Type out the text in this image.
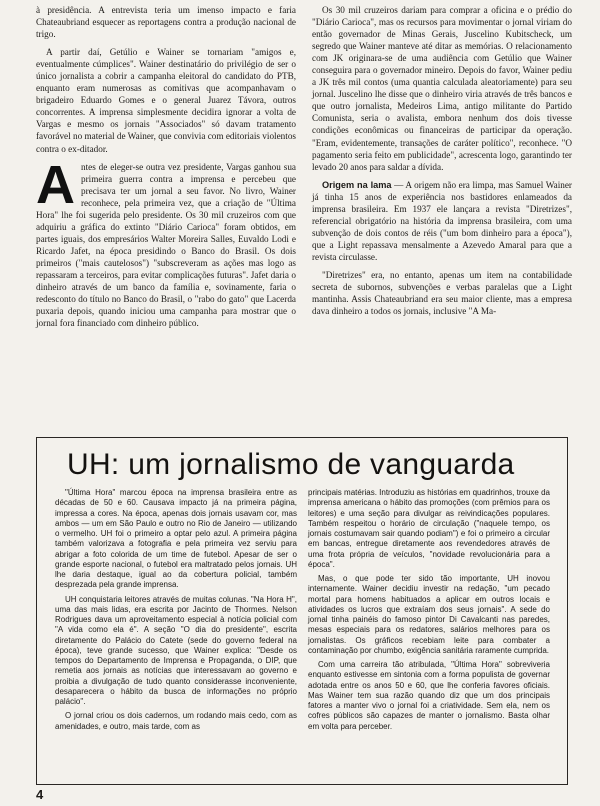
à presidência. A entrevista teria um imenso impacto e faria Chateaubriand esquecer as reportagens contra a produção nacional de trigo.

A partir daí, Getúlio e Wainer se tornariam "amigos e, eventualmente cúmplices". Wainer destinatário do privilégio de ser o único jornalista a cobrir a campanha eleitoral do candidato do PTB, enquanto eram numerosas as comitivas que acompanhavam o brigadeiro Eduardo Gomes e o general Juarez Távora, outros concorrentes. A imprensa simplesmente decidira ignorar a volta de Vargas e mesmo os jornais "Associados" só davam tratamento favorável no material de Wainer, que convivia com editoriais violentos contra o ex-ditador.

Antes de eleger-se outra vez presidente, Vargas ganhou sua primeira guerra contra a imprensa e percebeu que precisava ter um jornal a seu favor. No livro, Wainer reconhece, pela primeira vez, que a criação de "Última Hora" lhe foi sugerida pelo presidente. Os 30 mil cruzeiros com que adquiriu a gráfica do extinto "Diário Carioca" foram obtidos, em partes iguais, dos empresários Walter Moreira Salles, Euvaldo Lodi e Ricardo Jafet, na época presidindo o Banco do Brasil. Os dois primeiros ("mais cautelosos") "subscreveram as ações mas logo as repassaram a terceiros, para evitar complicações futuras". Jafet daria o dinheiro através de um banco da família e, sovinamente, faria o redesconto do título no Banco do Brasil, o "rabo do gato" que Lacerda puxaria depois, quando iniciou uma campanha para mostrar que o jornal fora financiado com dinheiro público.

Os 30 mil cruzeiros dariam para comprar a oficina e o prédio do "Diário Carioca", mas os recursos para movimentar o jornal viriam do então governador de Minas Gerais, Juscelino Kubitscheck, um segredo que Wainer manteve até ditar as memórias. O relacionamento com JK originara-se de uma audiência com Getúlio que Wainer conseguira para o governador mineiro. Depois do favor, Wainer pediu a JK três mil contos (uma quantia calculada aleatoriamente) para seu jornal. Juscelino lhe disse que o dinheiro viria através de três bancos e que outro jornalista, Medeiros Lima, antigo militante do Partido Comunista, seria o avalista, embora nenhum dos dois tivesse condições econômicas ou financeiras de participar da operação. "Eram, evidentemente, transações de caráter político", reconhece. "O pagamento seria feito em publicidade", acrescenta logo, garantindo ter levado 20 anos para saldar a dívida.

Origem na lama — A origem não era limpa, mas Samuel Wainer já tinha 15 anos de experiência nos bastidores enlameados da imprensa brasileira. Em 1937 ele lançara a revista "Diretrizes", referencial obrigatório na história da imprensa brasileira, com uma subvenção de dois contos de réis ("um bom dinheiro para a época"), que a Light repassava mensalmente a Azevedo Amaral para que a revista circulasse.

"Diretrizes" era, no entanto, apenas um item na contabilidade secreta de subornos, subvenções e verbas paralelas que a Light mantinha. Assis Chateaubriand era seu maior cliente, mas a empresa dava dinheiro a todos os jornais, inclusive "A Ma-

UH: um jornalismo de vanguarda

"Última Hora" marcou época na imprensa brasileira entre as décadas de 50 e 60. Causava impacto já na primeira página, impressa a cores. Na época, apenas dois jornais usavam cor, mas ambos — um em São Paulo e outro no Rio de Janeiro — utilizando o vermelho. UH foi o primeiro a optar pelo azul. A primeira página também valorizava a fotografia e pela primeira vez serviu para abrigar a foto colorida de um time de futebol. Apesar de ser o grande esporte nacional, o futebol era maltratado pelos jornais. UH lhe daria destaque, igual ao da cobertura policial, também desprezada pela grande imprensa.

UH conquistaria leitores através de muitas colunas. "Na Hora H", uma das mais lidas, era escrita por Jacinto de Thormes. Nelson Rodrigues dava um aproveitamento especial à notícia policial com "A vida como ela é". A seção "O dia do presidente", escrita diretamente do Palácio do Catete (sede do governo federal na época), teve grande sucesso, que Wainer explica: "Desde os tempos do Departamento de Imprensa e Propaganda, o DIP, que remetia aos jornais as notícias que interessavam ao governo e proibia a divulgação de tudo quanto considerasse inconveniente, desaparecera o hábito da busca de informações no próprio palácio".

O jornal criou os dois cadernos, um rodando mais cedo, com as amenidades, e outro, mais tarde, com as

principais matérias. Introduziu as histórias em quadrinhos, trouxe da imprensa americana o hábito das promoções (com prêmios para os leitores) e uma seção para divulgar as reivindicações populares. Também respeitou o horário de circulação ("naquele tempo, os jornais costumavam sair quando podiam") e foi o primeiro a circular em bancas, entregue diretamente aos revendedores através de uma frota própria de veículos, "novidade revolucionária para a época".

Mas, o que pode ter sido tão importante, UH inovou internamente. Wainer decidiu investir na redação, "um pecado mortal para homens habituados a aplicar em outros locais e atividades os lucros que extraíam dos seus jornais". A sede do jornal tinha painéis do famoso pintor Di Cavalcanti nas paredes, mesas especiais para os redatores, salários melhores para os jornalistas. Os gráficos recebiam leite para combater a contaminação por chumbo, exigência sanitária raramente cumprida.

Com uma carreira tão atribulada, "Última Hora" sobreviveria enquanto estivesse em sintonia com a forma populista de governar adotada entre os anos 50 e 60, que lhe conferia favores oficiais. Mas Wainer tem sua razão quando diz que um dos principais fatores a manter vivo o jornal foi a criatividade. Sem ela, nem os cofres públicos são capazes de manter o jornalismo. Basta olhar em volta para perceber.

4
